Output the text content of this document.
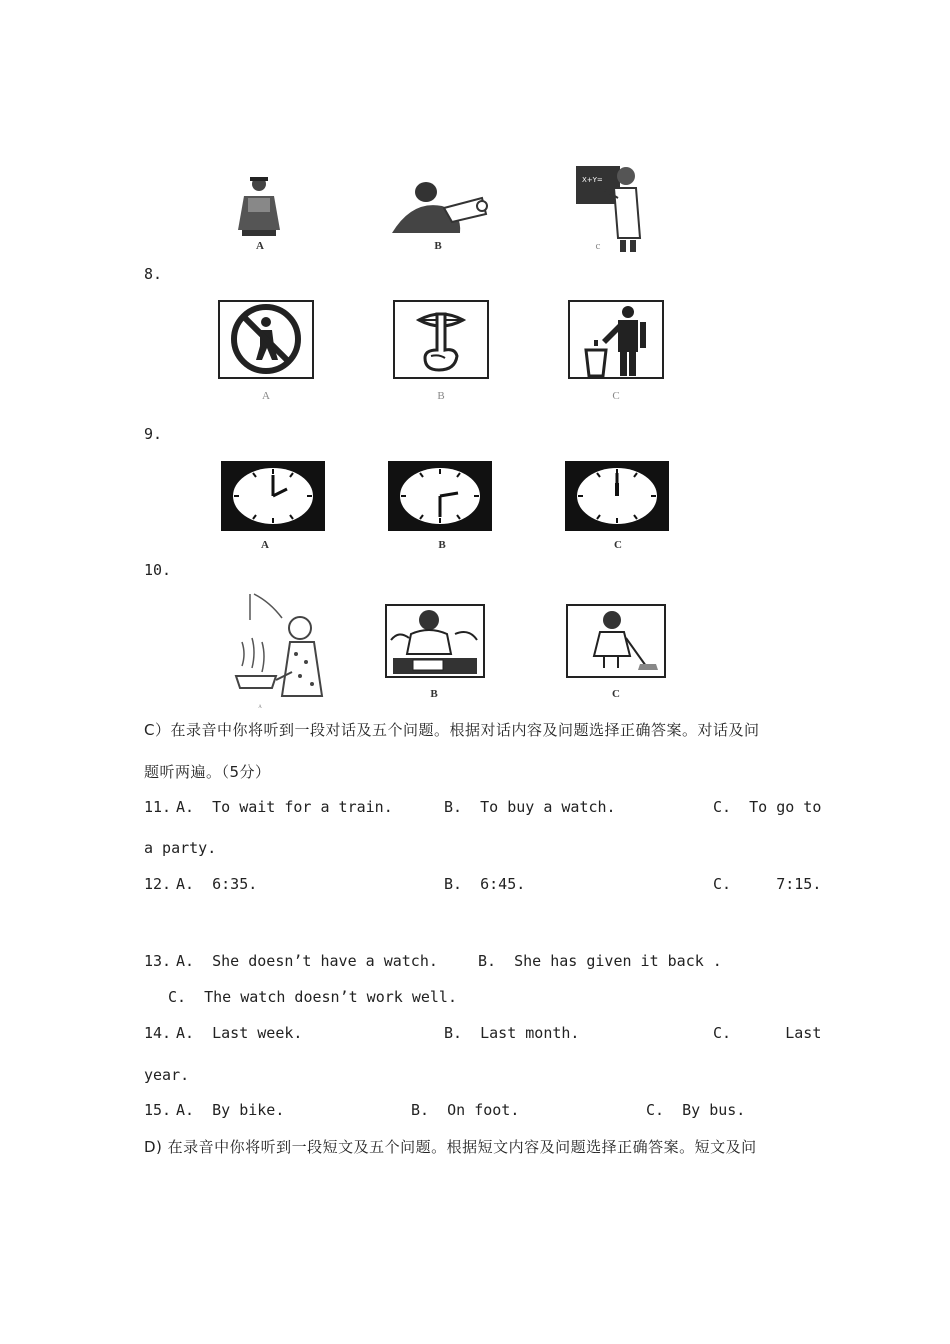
A	B
X+Y=
c
8.
A	B	C
9.
A	B	C
10.
A
B	C
C）在录音中你将听到一段对话及五个问题。根据对话内容及问题选择正确答案。对话及问
题听两遍。（5分）
11. A.  To wait for a train.	B.  To buy a watch.	C.  To go to
a party.
12. A.  6:35.	B.  6:45.	C.     7:15.
13. A.  She doesn’t have a watch.	B.  She has given it back .
C.  The watch doesn’t work well.
14. A.  Last week.	B.  Last month.	C.      Last
year.
15. A.  By bike.	B.  On foot.	C.  By bus.
D) 在录音中你将听到一段短文及五个问题。根据短文内容及问题选择正确答案。短文及问
